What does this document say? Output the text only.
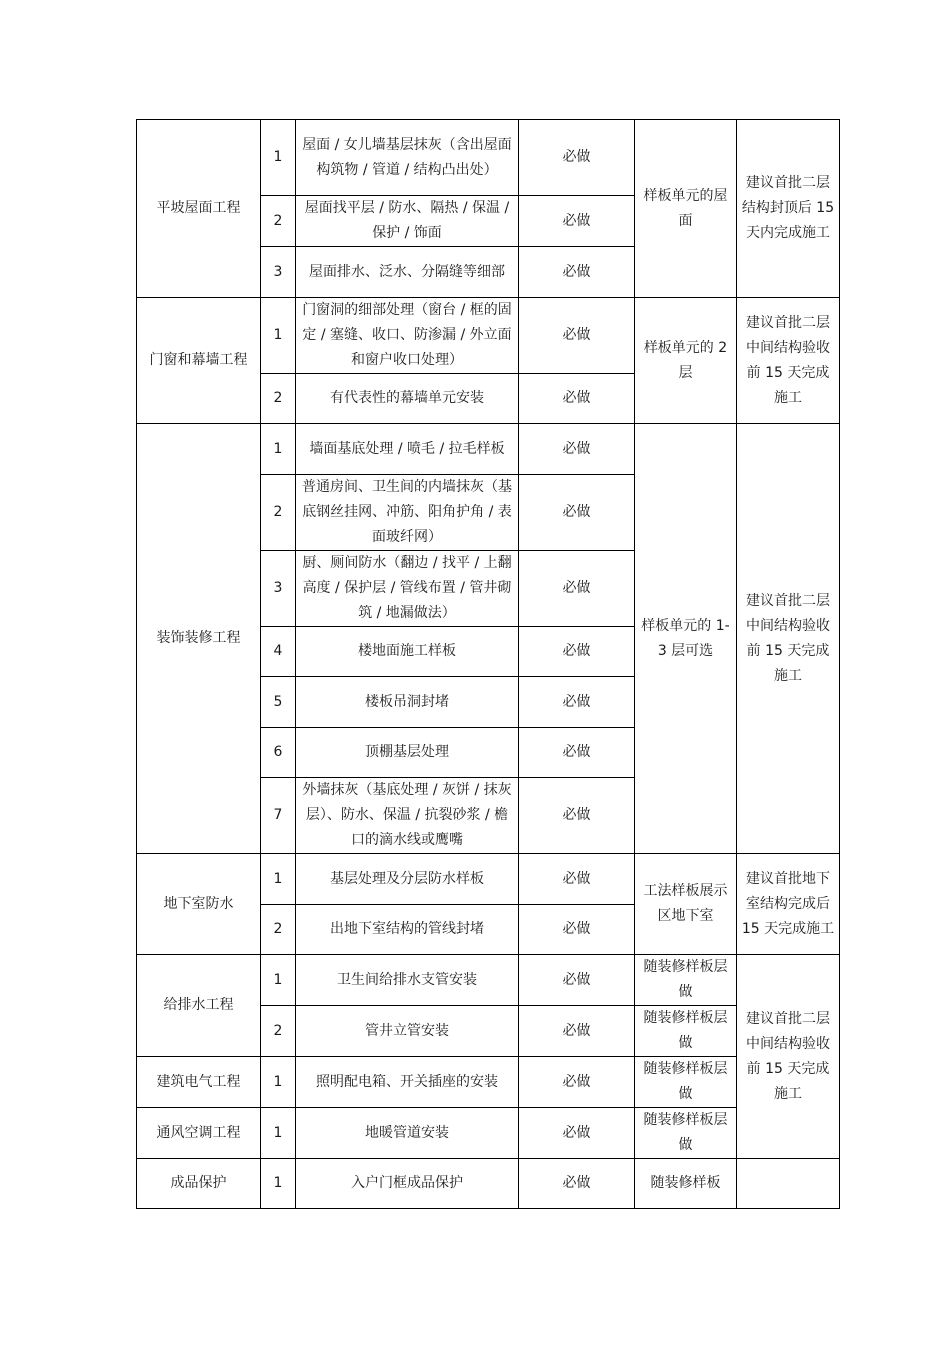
平坡屋面工程	1	屋面 / 女儿墙基层抹灰（含出屋面构筑物 / 管道 / 结构凸出处）	必做	样板单元的屋面	建议首批二层结构封顶后 15 天内完成施工
	2	屋面找平层 / 防水、隔热 / 保温 / 保护 / 饰面	必做		
	3	屋面排水、泛水、分隔缝等细部	必做		
门窗和幕墙工程	1	门窗洞的细部处理（窗台 / 框的固定 / 塞缝、收口、防渗漏 / 外立面和窗户收口处理）	必做	样板单元的 2 层	建议首批二层中间结构验收前 15 天完成施工
	2	有代表性的幕墙单元安装	必做		
装饰装修工程	1	墙面基底处理 / 喷毛 / 拉毛样板	必做	样板单元的 1-3 层可选	建议首批二层中间结构验收前 15 天完成施工
	2	普通房间、卫生间的内墙抹灰（基底钢丝挂网、冲筋、阳角护角 / 表面玻纤网）	必做		
	3	厨、厕间防水（翻边 / 找平 / 上翻高度 / 保护层 / 管线布置 / 管井砌筑 / 地漏做法）	必做		
	4	楼地面施工样板	必做		
	5	楼板吊洞封堵	必做		
	6	顶棚基层处理	必做		
	7	外墙抹灰（基底处理 / 灰饼 / 抹灰层）、防水、保温 / 抗裂砂浆 / 檐口的滴水线或鹰嘴	必做		
地下室防水	1	基层处理及分层防水样板	必做	工法样板展示区地下室	建议首批地下室结构完成后 15 天完成施工
	2	出地下室结构的管线封堵	必做		
给排水工程	1	卫生间给排水支管安装	必做	随装修样板层做	建议首批二层中间结构验收前 15 天完成施工
	2	管井立管安装	必做	随装修样板层做	
建筑电气工程	1	照明配电箱、开关插座的安装	必做	随装修样板层做	
通风空调工程	1	地暖管道安装	必做	随装修样板层做	
成品保护	1	入户门框成品保护	必做	随装修样板	
